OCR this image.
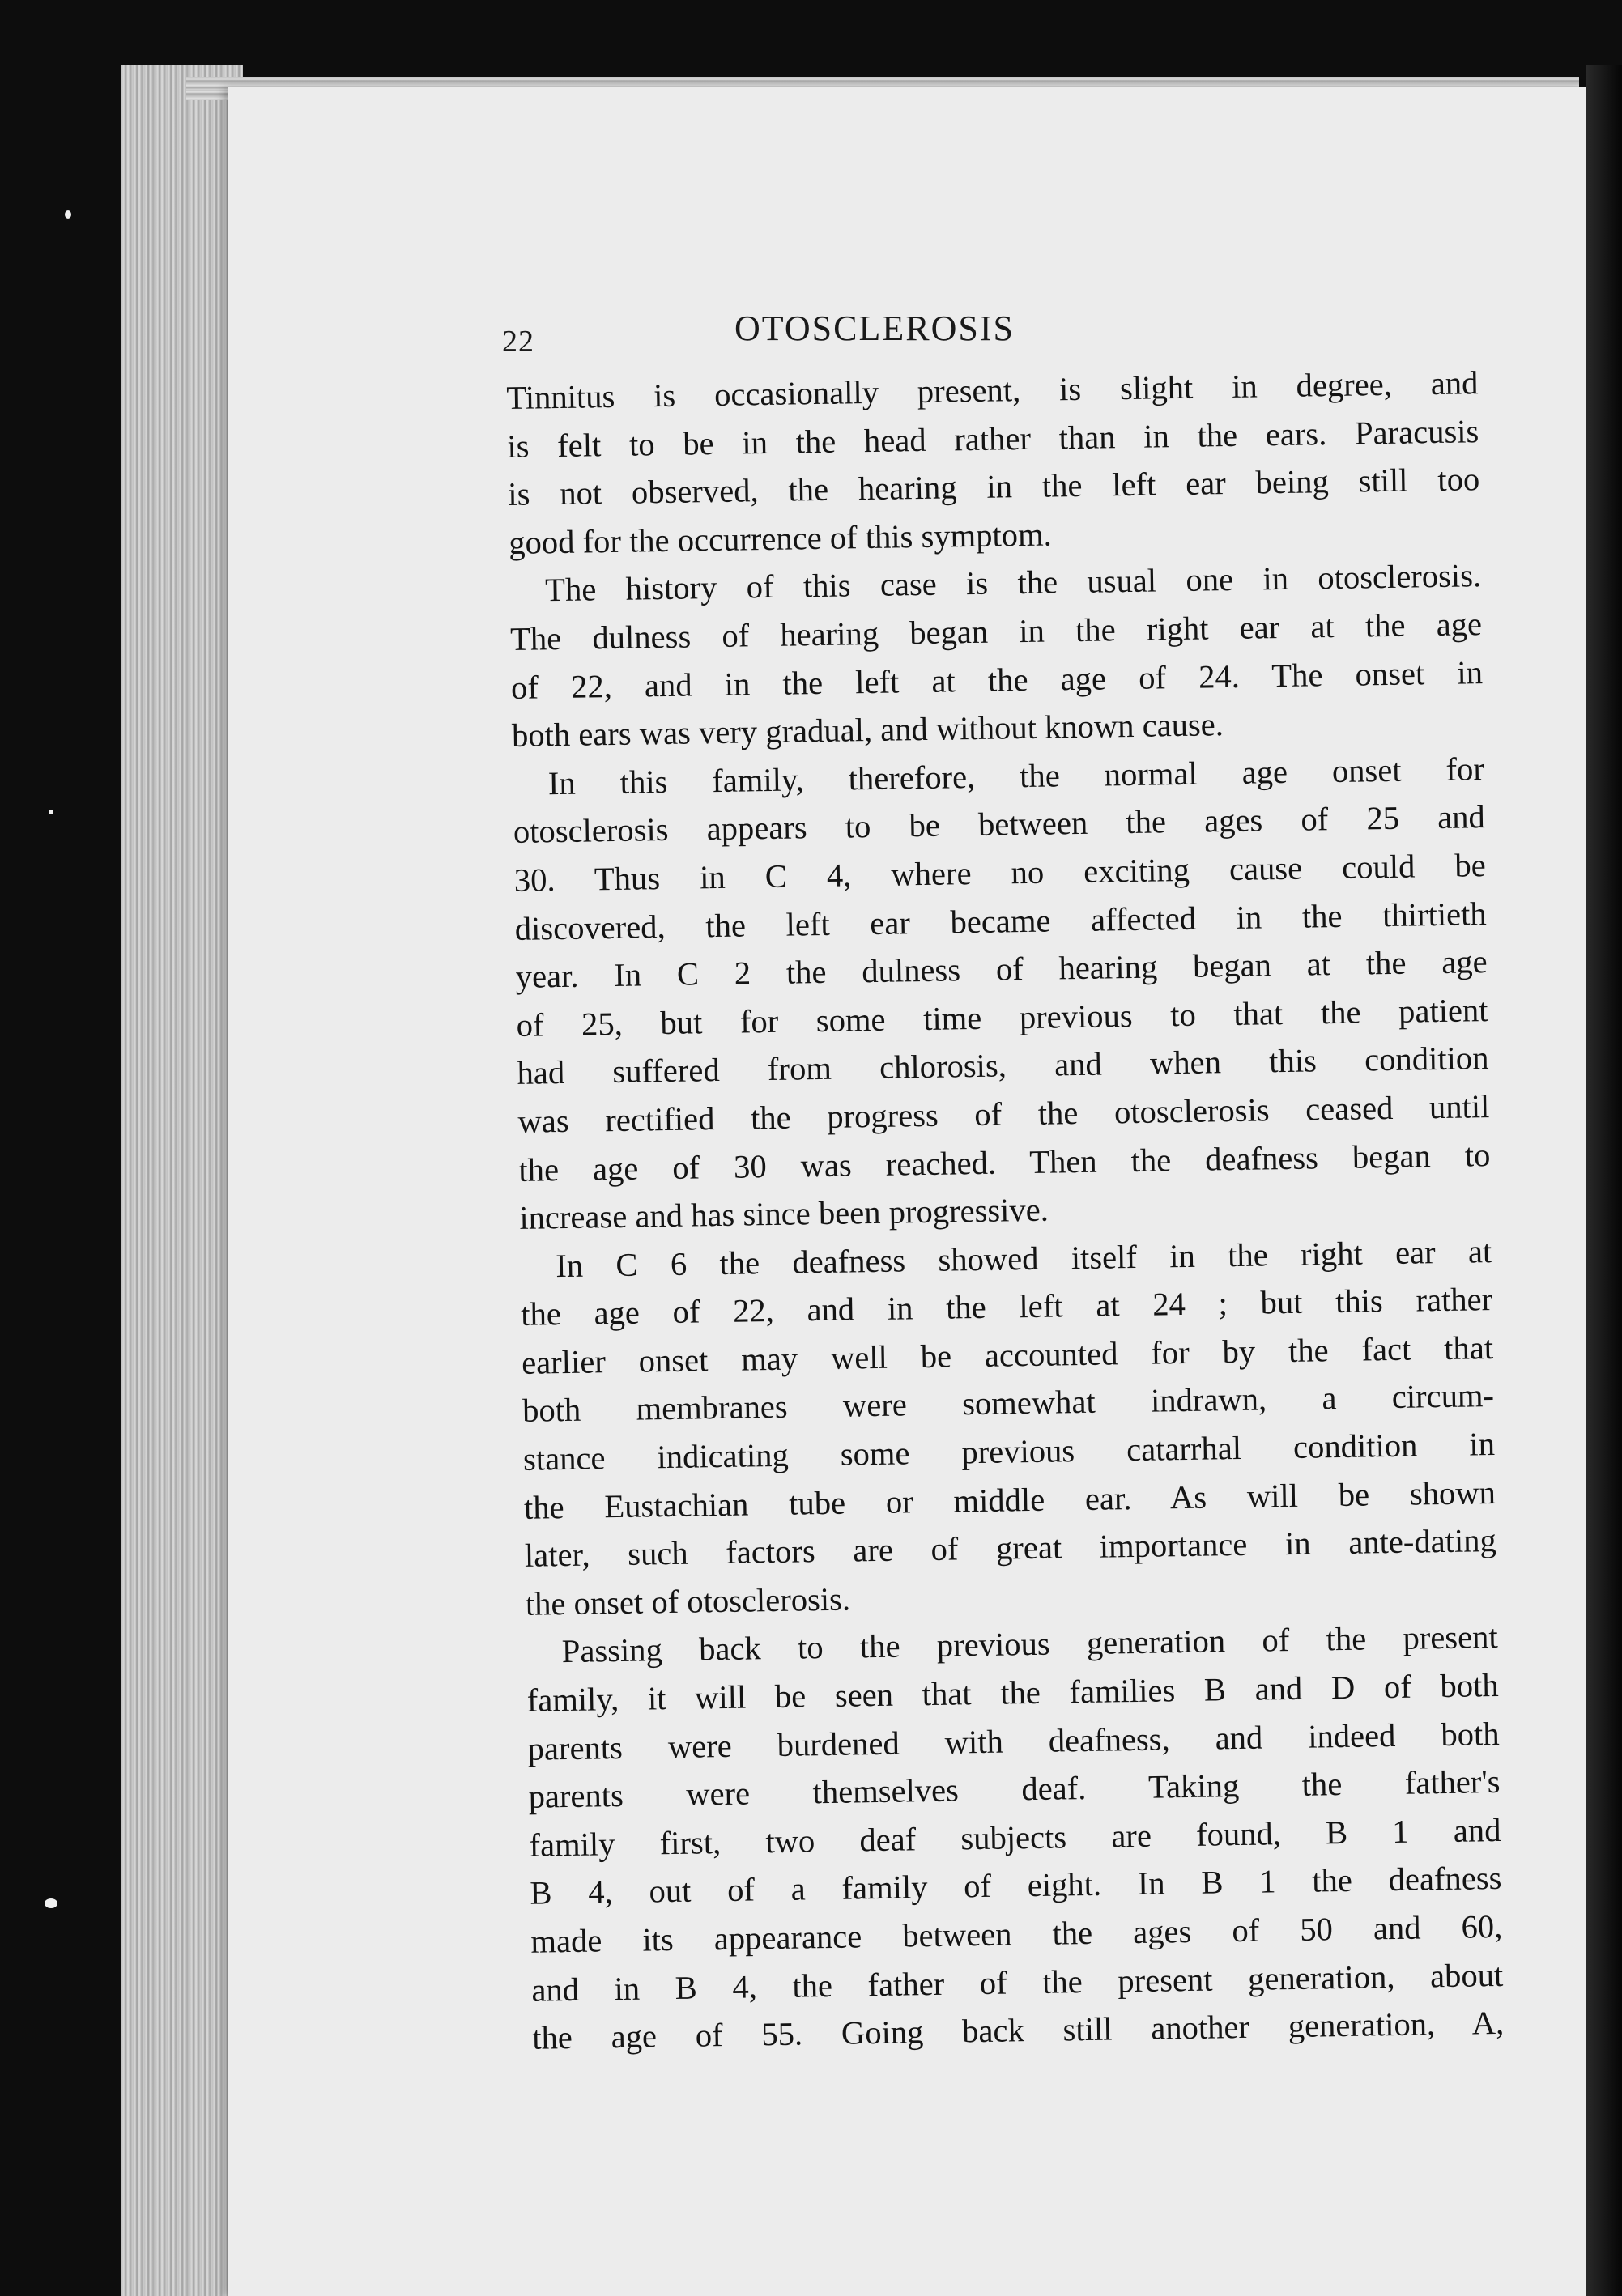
22	OTOSCLEROSIS
Tinnitus is occasionally present, is slight in degree, and
is felt to be in the head rather than in the ears. Paracusis
is not observed, the hearing in the left ear being still too
good for the occurrence of this symptom.
The history of this case is the usual one in otosclerosis.
The dulness of hearing began in the right ear at the age
of 22, and in the left at the age of 24. The onset in
both ears was very gradual, and without known cause.
In this family, therefore, the normal age onset for
otosclerosis appears to be between the ages of 25 and
30. Thus in C 4, where no exciting cause could be
discovered, the left ear became affected in the thirtieth
year. In C 2 the dulness of hearing began at the age
of 25, but for some time previous to that the patient
had suffered from chlorosis, and when this condition
was rectified the progress of the otosclerosis ceased until
the age of 30 was reached. Then the deafness began to
increase and has since been progressive.
In C 6 the deafness showed itself in the right ear at
the age of 22, and in the left at 24 ; but this rather
earlier onset may well be accounted for by the fact that
both membranes were somewhat indrawn, a circum-
stance indicating some previous catarrhal condition in
the Eustachian tube or middle ear. As will be shown
later, such factors are of great importance in ante-dating
the onset of otosclerosis.
Passing back to the previous generation of the present
family, it will be seen that the families B and D of both
parents were burdened with deafness, and indeed both
parents were themselves deaf. Taking the father's
family first, two deaf subjects are found, B 1 and
B 4, out of a family of eight. In B 1 the deafness
made its appearance between the ages of 50 and 60,
and in B 4, the father of the present generation, about
the age of 55. Going back still another generation, A,
